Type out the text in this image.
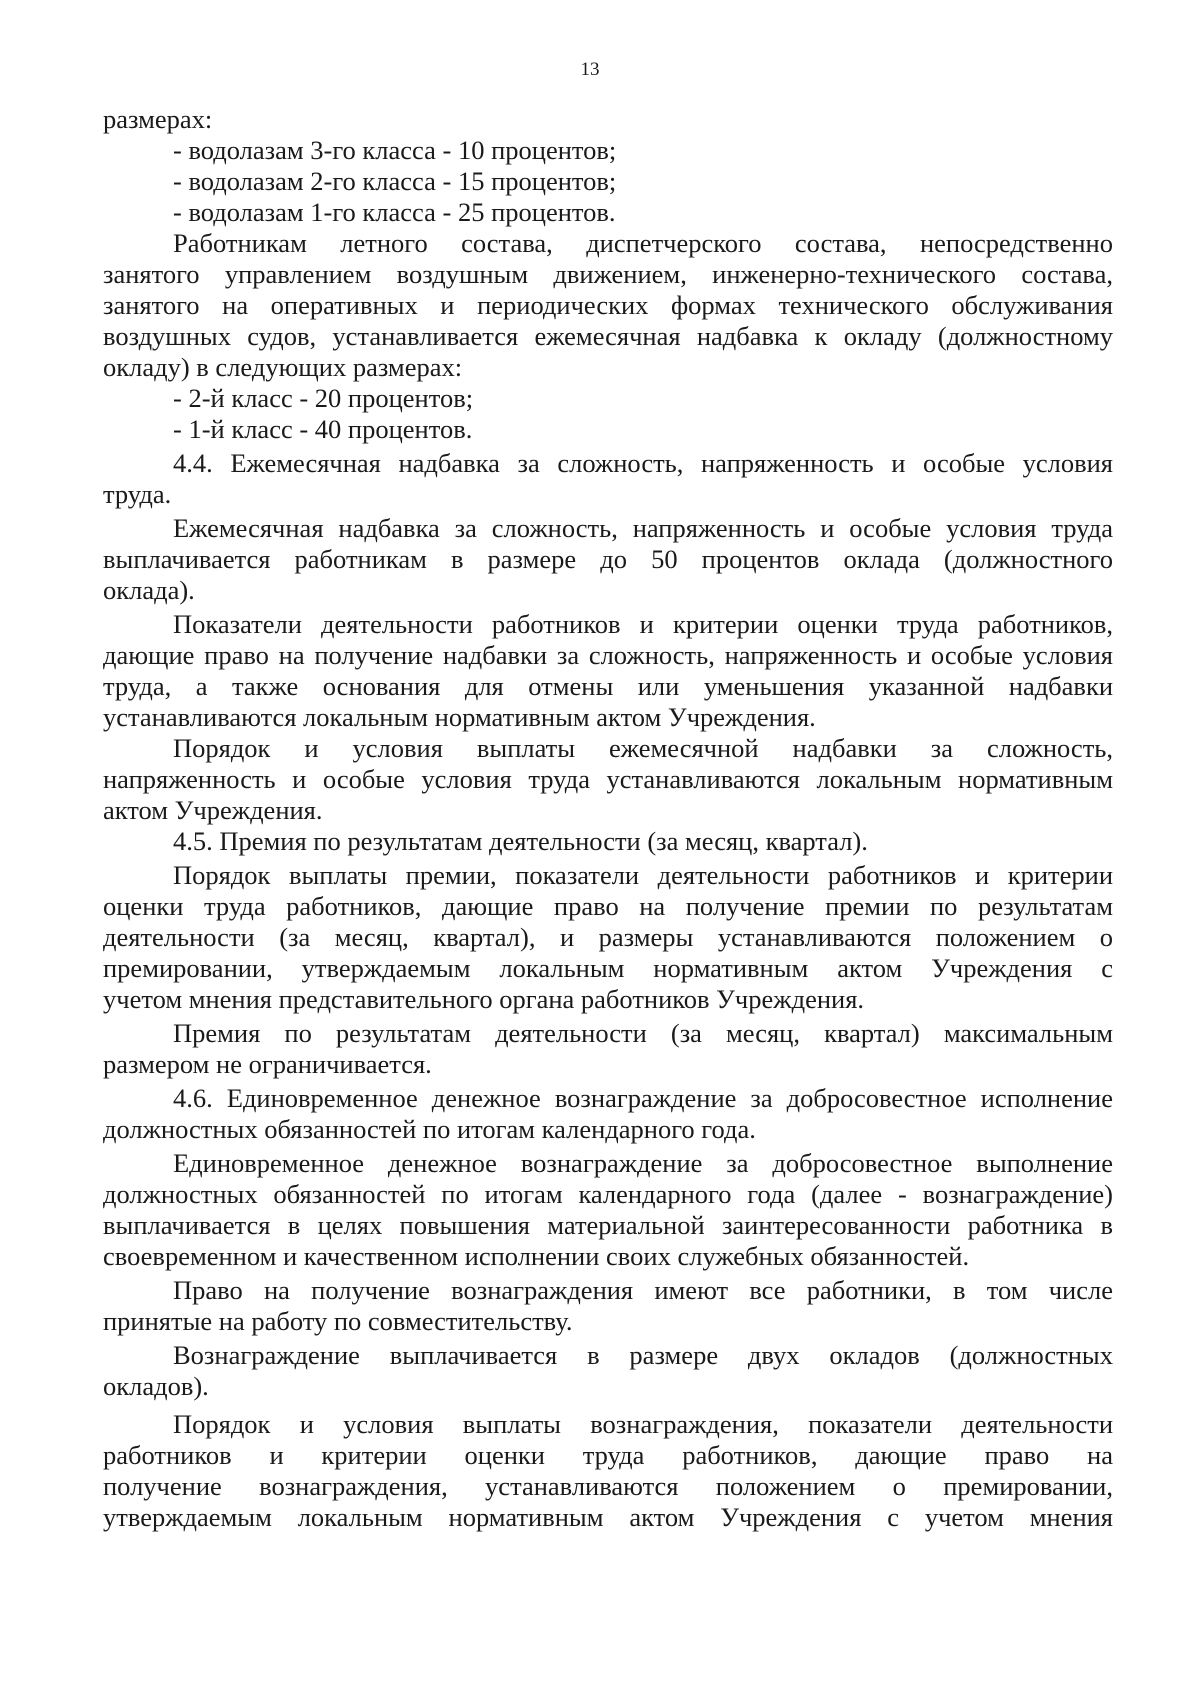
13
размерах:
- водолазам 3-го класса - 10 процентов;
- водолазам 2-го класса - 15 процентов;
- водолазам 1-го класса - 25 процентов.
Работникам летного состава, диспетчерского состава, непосредственно
занятого управлением воздушным движением, инженерно-технического состава,
занятого на оперативных и периодических формах технического обслуживания
воздушных судов, устанавливается ежемесячная надбавка к окладу (должностному
окладу) в следующих размерах:
- 2-й класс - 20 процентов;
- 1-й класс - 40 процентов.
4.4. Ежемесячная надбавка за сложность, напряженность и особые условия
труда.
Ежемесячная надбавка за сложность, напряженность и особые условия труда
выплачивается работникам в размере до 50 процентов оклада (должностного
оклада).
Показатели деятельности работников и критерии оценки труда работников,
дающие право на получение надбавки за сложность, напряженность и особые условия
труда, а также основания для отмены или уменьшения указанной надбавки
устанавливаются локальным нормативным актом Учреждения.
Порядок и условия выплаты ежемесячной надбавки за сложность,
напряженность и особые условия труда устанавливаются локальным нормативным
актом Учреждения.
4.5. Премия по результатам деятельности (за месяц, квартал).
Порядок выплаты премии, показатели деятельности работников и критерии
оценки труда работников, дающие право на получение премии по результатам
деятельности (за месяц, квартал), и размеры устанавливаются положением о
премировании, утверждаемым локальным нормативным актом Учреждения с
учетом мнения представительного органа работников Учреждения.
Премия по результатам деятельности (за месяц, квартал) максимальным
размером не ограничивается.
4.6. Единовременное денежное вознаграждение за добросовестное исполнение
должностных обязанностей по итогам календарного года.
Единовременное денежное вознаграждение за добросовестное выполнение
должностных обязанностей по итогам календарного года (далее - вознаграждение)
выплачивается в целях повышения материальной заинтересованности работника в
своевременном и качественном исполнении своих служебных обязанностей.
Право на получение вознаграждения имеют все работники, в том числе
принятые на работу по совместительству.
Вознаграждение выплачивается в размере двух окладов (должностных
окладов).
Порядок и условия выплаты вознаграждения, показатели деятельности
работников и критерии оценки труда работников, дающие право на
получение вознаграждения, устанавливаются положением о премировании,
утверждаемым локальным нормативным актом Учреждения с учетом мнения
